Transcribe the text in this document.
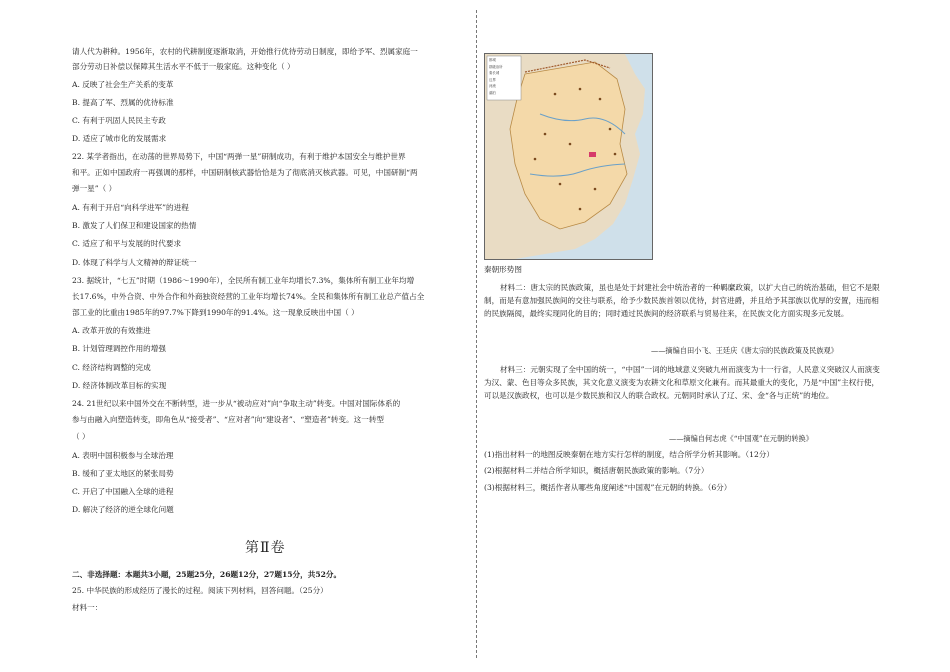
请人代为耕种。1956年，农村的代耕制度逐渐取消，开始推行优待劳动日制度，即给予军、烈属家庭一
部分劳动日补偿以保障其生活水平不低于一般家庭。这种变化（ ）
A. 反映了社会生产关系的变革
B. 提高了军、烈属的优待标准
C. 有利于巩固人民民主专政
D. 适应了城市化的发展需求
22. 某学者指出，在动荡的世界局势下，中国“两弹一星”研制成功，有利于维护本国安全与维护世界
和平。正如中国政府一再强调的那样，中国研制核武器恰恰是为了彻底消灭核武器。可见，中国研制“两
弹一星”（ ）
A. 有利于开启“向科学进军”的进程
B. 激发了人们保卫和建设国家的热情
C. 适应了和平与发展的时代要求
D. 体现了科学与人文精神的辩证统一
23. 据统计，“七五”时期（1986～1990年），全民所有制工业年均增长7.3%，集体所有制工业年均增
长17.6%，中外合资、中外合作和外商独资经营的工业年均增长74%。全民和集体所有制工业总产值占全
部工业的比重由1985年的97.7%下降到1990年的91.4%。这一现象反映出中国（ ）
A. 改革开放的有效推进
B. 计划管理调控作用的增强
C. 经济结构调整的完成
D. 经济体制改革目标的实现
24. 21世纪以来中国外交在不断转型，进一步从“被动应对”向“争取主动”转变。中国对国际体系的
参与由融入向塑造转变，即角色从“接受者”、“应对者”向“建设者”、“塑造者”转变。这一转型
（ ）
A. 表明中国积极参与全球治理
B. 缓和了亚太地区的紧张局势
C. 开启了中国融入全球的进程
D. 解决了经济的逆全球化问题
第Ⅱ卷
二、非选择题：本题共3小题，25题25分，26题12分，27题15分，共52分。
25. 中华民族的形成经历了漫长的过程。阅读下列材料，回答问题。（25分）
材料一：
都城
郡级治所
秦长城
边界
河流
湖泊
秦朝形势图
材料二：唐太宗的民族政策，虽也是处于封建社会中统治者的一种羁縻政策，以扩大自己的统治基础，但它不是限制，而是有意加强民族间的交往与联系，给予少数民族首领以优待，封官进爵，并且给予其部族以优厚的安置，违而相的民族隔阂，最终实现同化的目的；同时通过民族间的经济联系与贸易往来，在民族文化方面实现多元发展。
——摘编自田小飞、王廷庆《唐太宗的民族政策及民族观》
材料三：元朝实现了全中国的统一，“中国”一词的地域意义突破九州而演变为十一行省，人民意义突破汉人而演变为汉、蒙、色目等众多民族，其文化意义演变为农耕文化和草原文化兼有。而其最重大的变化，乃是“中国”主权行使，可以是汉族政权，也可以是少数民族和汉人的联合政权。元朝同时承认了辽、宋、金“各与正统”的地位。
——摘编自何志虎《“中国观”在元朝的转换》
(1)指出材料一的地图反映秦朝在地方实行怎样的制度，结合所学分析其影响。（12分）
(2)根据材料二并结合所学知识，概括唐朝民族政策的影响。（7分）
(3)根据材料三，概括作者从哪些角度阐述“中国观”在元朝的转换。（6分）
